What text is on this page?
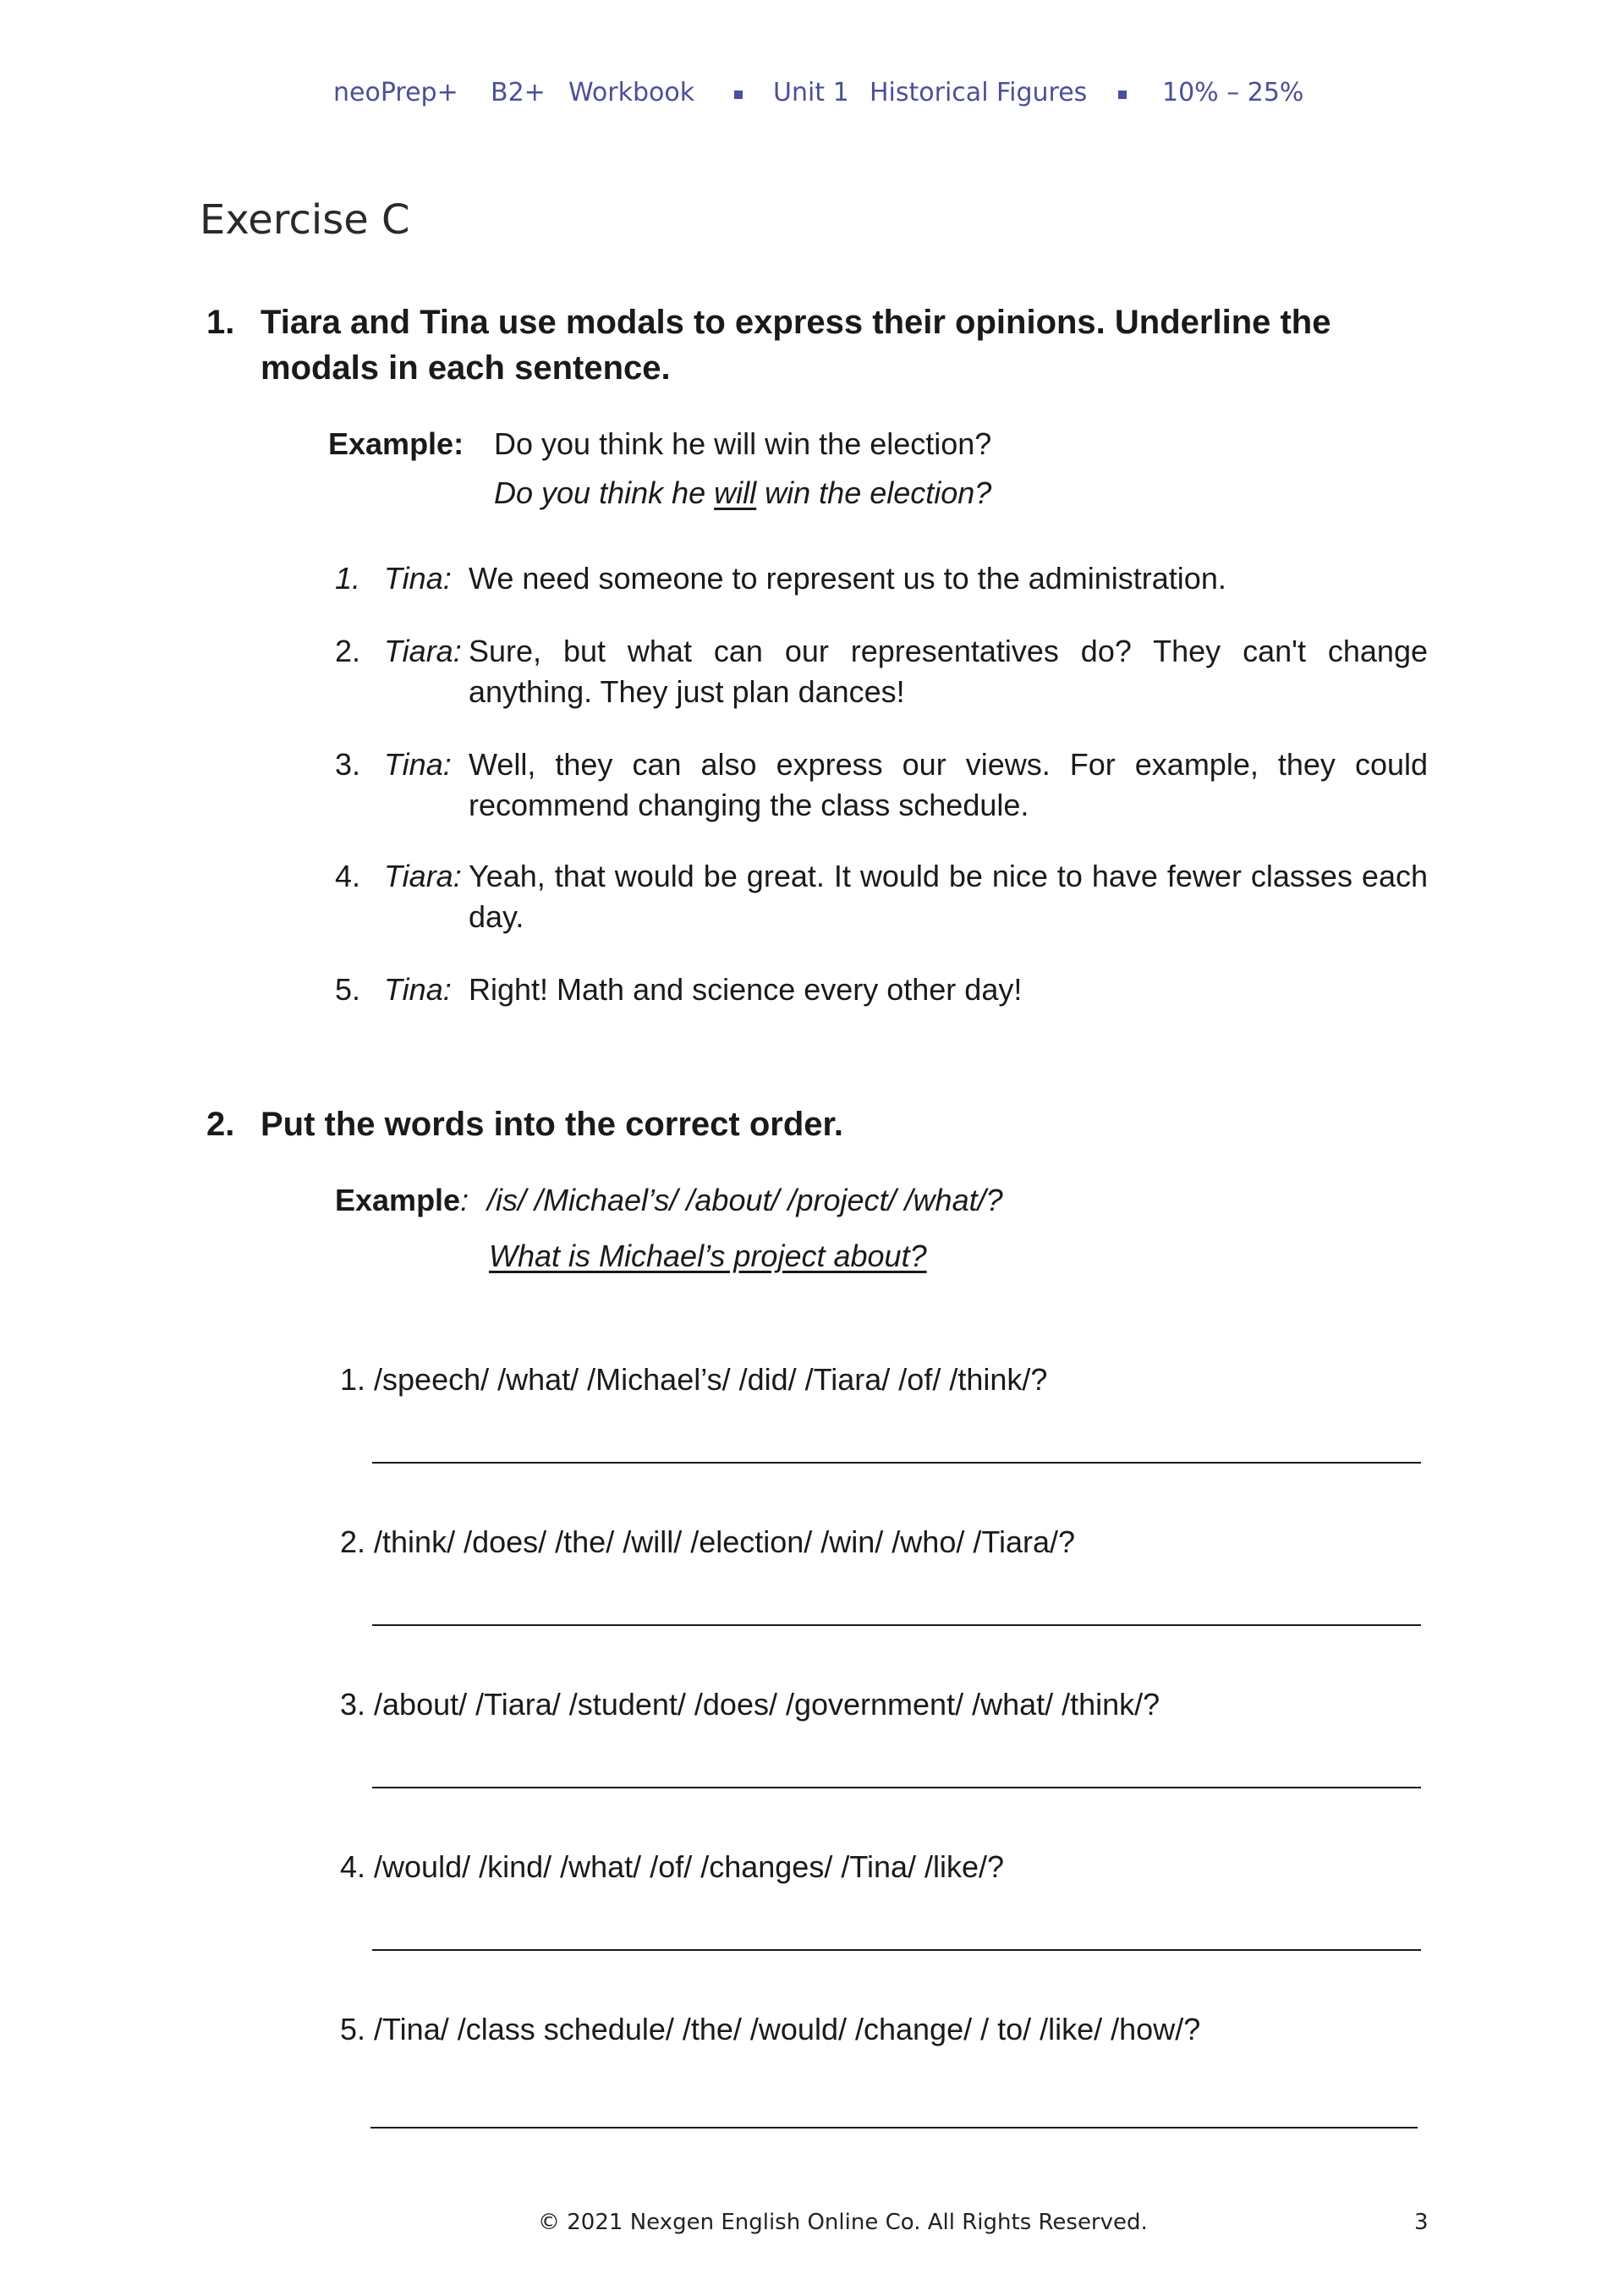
neoPrep+ B2+ Workbook	Unit 1 Historical Figures	10% – 25%
Exercise C
1. Tiara and Tina use modals to express their opinions. Underline the modals in each sentence.
Example: Do you think he will win the election?
Do you think he will win the election?
1. Tina: We need someone to represent us to the administration.
2. Tiara: Sure, but what can our representatives do? They can't change anything. They just plan dances!
3. Tina: Well, they can also express our views. For example, they could recommend changing the class schedule.
4. Tiara: Yeah, that would be great. It would be nice to have fewer classes each day.
5. Tina: Right! Math and science every other day!
2. Put the words into the correct order.
Example: /is/ /Michael’s/ /about/ /project/ /what/?
What is Michael’s project about?
1. /speech/ /what/ /Michael’s/ /did/ /Tiara/ /of/ /think/?
2. /think/ /does/ /the/ /will/ /election/ /win/ /who/ /Tiara/?
3. /about/ /Tiara/ /student/ /does/ /government/ /what/ /think/?
4. /would/ /kind/ /what/ /of/ /changes/ /Tina/ /like/?
5. /Tina/ /class schedule/ /the/ /would/ /change/ / to/ /like/ /how/?
© 2021 Nexgen English Online Co. All Rights Reserved.	3
